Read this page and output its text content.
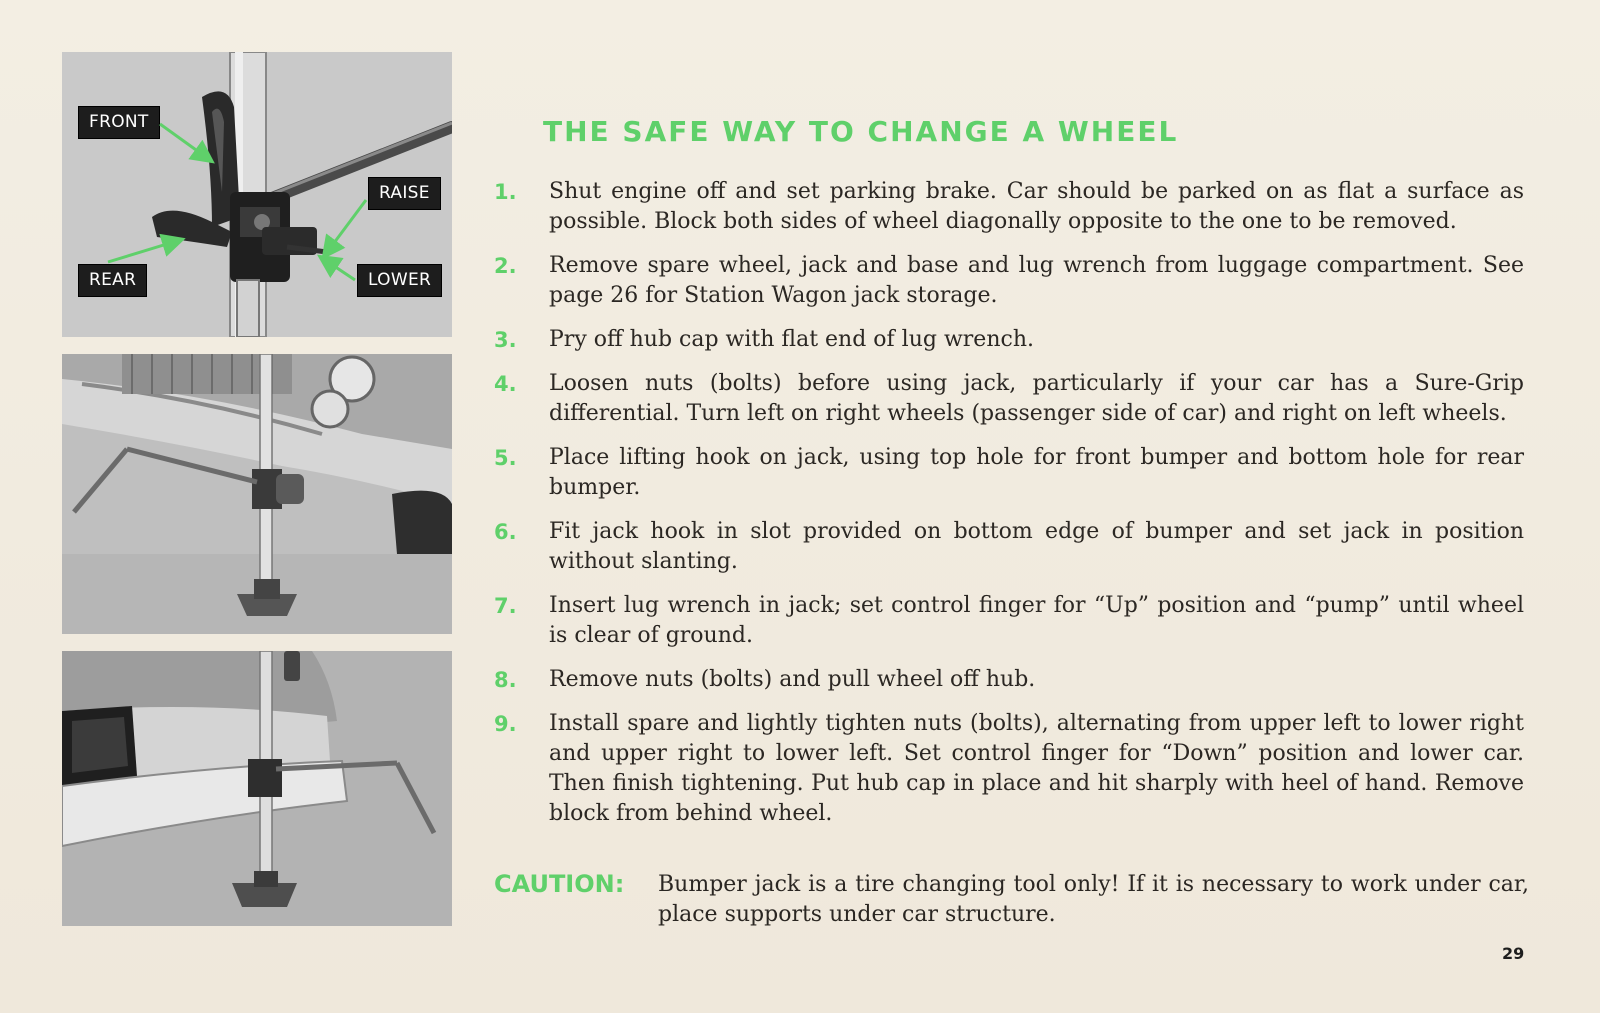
FRONT
REAR
RAISE
LOWER
THE SAFE WAY TO CHANGE A WHEEL
1.	Shut engine off and set parking brake. Car should be parked on as flat a surface as possible. Block both sides of wheel diagonally opposite to the one to be removed.
2.	Remove spare wheel, jack and base and lug wrench from luggage compartment. See page 26 for Station Wagon jack storage.
3.	Pry off hub cap with flat end of lug wrench.
4.	Loosen nuts (bolts) before using jack, particularly if your car has a Sure-Grip differential. Turn left on right wheels (passenger side of car) and right on left wheels.
5.	Place lifting hook on jack, using top hole for front bumper and bottom hole for rear bumper.
6.	Fit jack hook in slot provided on bottom edge of bumper and set jack in position without slanting.
7.	Insert lug wrench in jack; set control finger for “Up” position and “pump” until wheel is clear of ground.
8.	Remove nuts (bolts) and pull wheel off hub.
9.	Install spare and lightly tighten nuts (bolts), alternating from upper left to lower right and upper right to lower left. Set control finger for “Down” position and lower car. Then finish tightening. Put hub cap in place and hit sharply with heel of hand. Remove block from behind wheel.
CAUTION:	Bumper jack is a tire changing tool only! If it is necessary to work under car, place supports under car structure.
29
